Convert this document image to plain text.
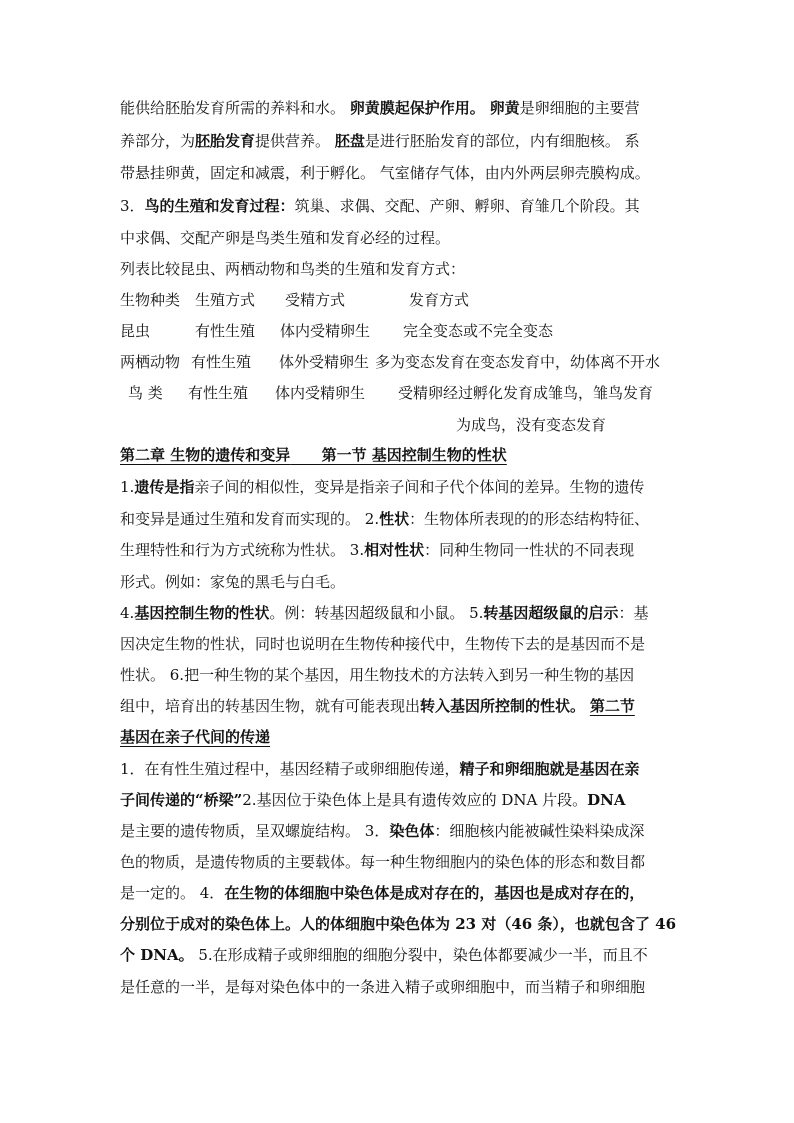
能供给胚胎发育所需的养料和水。 卵黄膜起保护作用。 卵黄是卵细胞的主要营
养部分，为胚胎发育提供营养。 胚盘是进行胚胎发育的部位，内有细胞核。 系
带悬挂卵黄，固定和减震，利于孵化。 气室储存气体，由内外两层卵壳膜构成。
3．鸟的生殖和发育过程：筑巢、求偶、交配、产卵、孵卵、育雏几个阶段。其
中求偶、交配产卵是鸟类生殖和发育必经的过程。
列表比较昆虫、两栖动物和鸟类的生殖和发育方式：
生物种类 生殖方式 受精方式	发育方式
昆虫	有性生殖 体内受精卵生 完全变态或不完全变态
两栖动物 有性生殖 体外受精卵生 多为变态发育在变态发育中，幼体离不开水
鸟 类 有性生殖 体内受精卵生 受精卵经过孵化发育成雏鸟，雏鸟发育
为成鸟，没有变态发育
第二章 生物的遗传和变异 第一节 基因控制生物的性状
1.遗传是指亲子间的相似性，变异是指亲子间和子代个体间的差异。生物的遗传
和变异是通过生殖和发育而实现的。 2.性状：生物体所表现的的形态结构特征、
生理特性和行为方式统称为性状。 3.相对性状：同种生物同一性状的不同表现
形式。例如：家兔的黑毛与白毛。
4.基因控制生物的性状。例：转基因超级鼠和小鼠。 5.转基因超级鼠的启示：基
因决定生物的性状，同时也说明在生物传种接代中，生物传下去的是基因而不是
性状。 6.把一种生物的某个基因，用生物技术的方法转入到另一种生物的基因
组中，培育出的转基因生物，就有可能表现出转入基因所控制的性状。 第二节
基因在亲子代间的传递
1．在有性生殖过程中，基因经精子或卵细胞传递，精子和卵细胞就是基因在亲
子间传递的“桥梁”2.基因位于染色体上是具有遗传效应的 DNA 片段。DNA
是主要的遗传物质，呈双螺旋结构。 3．染色体：细胞核内能被碱性染料染成深
色的物质，是遗传物质的主要载体。每一种生物细胞内的染色体的形态和数目都
是一定的。 4．在生物的体细胞中染色体是成对存在的，基因也是成对存在的，
分别位于成对的染色体上。人的体细胞中染色体为 23 对（46 条），也就包含了 46
个 DNA。 5.在形成精子或卵细胞的细胞分裂中，染色体都要减少一半，而且不
是任意的一半，是每对染色体中的一条进入精子或卵细胞中，而当精子和卵细胞
